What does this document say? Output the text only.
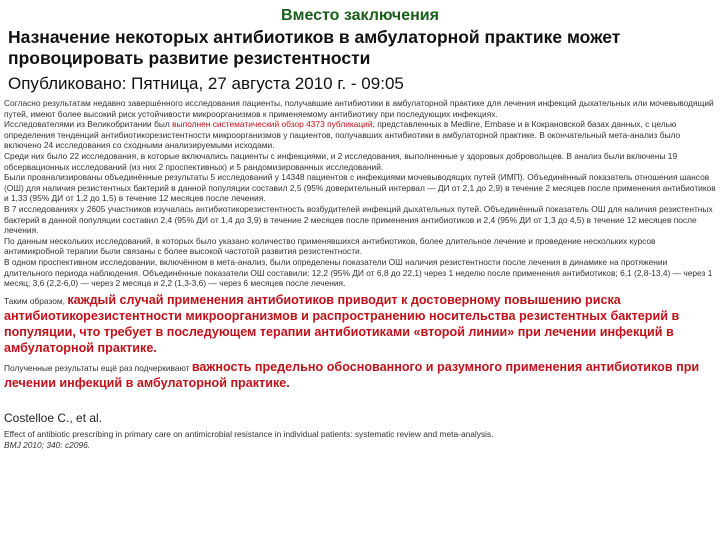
Вместо заключения
Назначение некоторых антибиотиков в амбулаторной практике может провоцировать развитие резистентности
Опубликовано: Пятница, 27 августа 2010 г. - 09:05

Согласно результатам недавно завершённого исследования пациенты, получавшие антибиотики в амбулаторной практике для лечения инфекций дыхательных или мочевыводящий путей, имеют более высокий риск устойчивости микроорганизмов к применяемому антибиотику при последующих инфекциях.

Исследователями из Великобритании был выполнен систематический обзор 4373 публикаций, представленных в Medline, Embase и в Кокрановской базах данных, с целью определения тенденций антибиотикорезистентности микроорганизмов у пациентов, получавших антибиотики в амбулаторной практике. В окончательный мета-анализ было включено 24 исследования со сходными анализируемыми исходами.

Среди них было 22 исследования, в которые включались пациенты с инфекциями, и 2 исследования, выполненные у здоровых добровольцев. В анализ были включены 19 обсервационных исследований (из них 2 проспективных) и 5 рандомизированных исследований.

Были проанализированы объединённые результаты 5 исследований у 14348 пациентов с инфекциями мочевыводящих путей (ИМП). Объединённый показатель отношения шансов (ОШ) для наличия резистентных бактерий в данной популяции составил 2,5 (95% доверительный интервал — ДИ от 2,1 до 2,9) в течение 2 месяцев после применения антибиотиков и 1,33 (95% ДИ от 1,2 до 1,5) в течение 12 месяцев после лечения.

В 7 исследованиях у 2605 участников изучалась антибиотикорезистентность возбудителей инфекций дыхательных путей. Объединённый показатель ОШ для наличия резистентных бактерий в данной популяции составил 2,4 (95% ДИ от 1,4 до 3,9) в течение 2 месяцев после применения антибиотиков и 2,4 (95% ДИ от 1,3 до 4,5) в течение 12 месяцев после лечения.

По данным нескольких исследований, в которых было указано количество применявшихся антибиотиков, более длительное лечение и проведение нескольких курсов антимикробной терапии были связаны с более высокой частотой развития резистентности.

В одном проспективном исследовании, включённом в мета-анализ, были определены показатели ОШ наличия резистентности после лечения в динамике на протяжении длительного периода наблюдения. Объединённые показатели ОШ составили: 12,2 (95% ДИ от 6,8 до 22,1) через 1 неделю после применения антибиотиков; 6,1 (2,8-13,4) — через 1 месяц; 3,6 (2,2-6,0) — через 2 месяца и 2,2 (1,3-3,6) — через 6 месяцев после лечения.

Таким образом, каждый случай применения антибиотиков приводит к достоверному повышению риска антибиотикорезистентности микроорганизмов и распространению носительства резистентных бактерий в популяции, что требует в последующем терапии антибиотиками «второй линии» при лечении инфекций в амбулаторной практике.

Полученные результаты ещё раз подчеркивают важность предельно обоснованного и разумного применения антибиотиков при лечении инфекций в амбулаторной практике.

Costelloe C., et al.

Effect of antibiotic prescribing in primary care on antimicrobial resistance in individual patients: systematic review and meta-analysis.
BMJ 2010; 340: c2096.
